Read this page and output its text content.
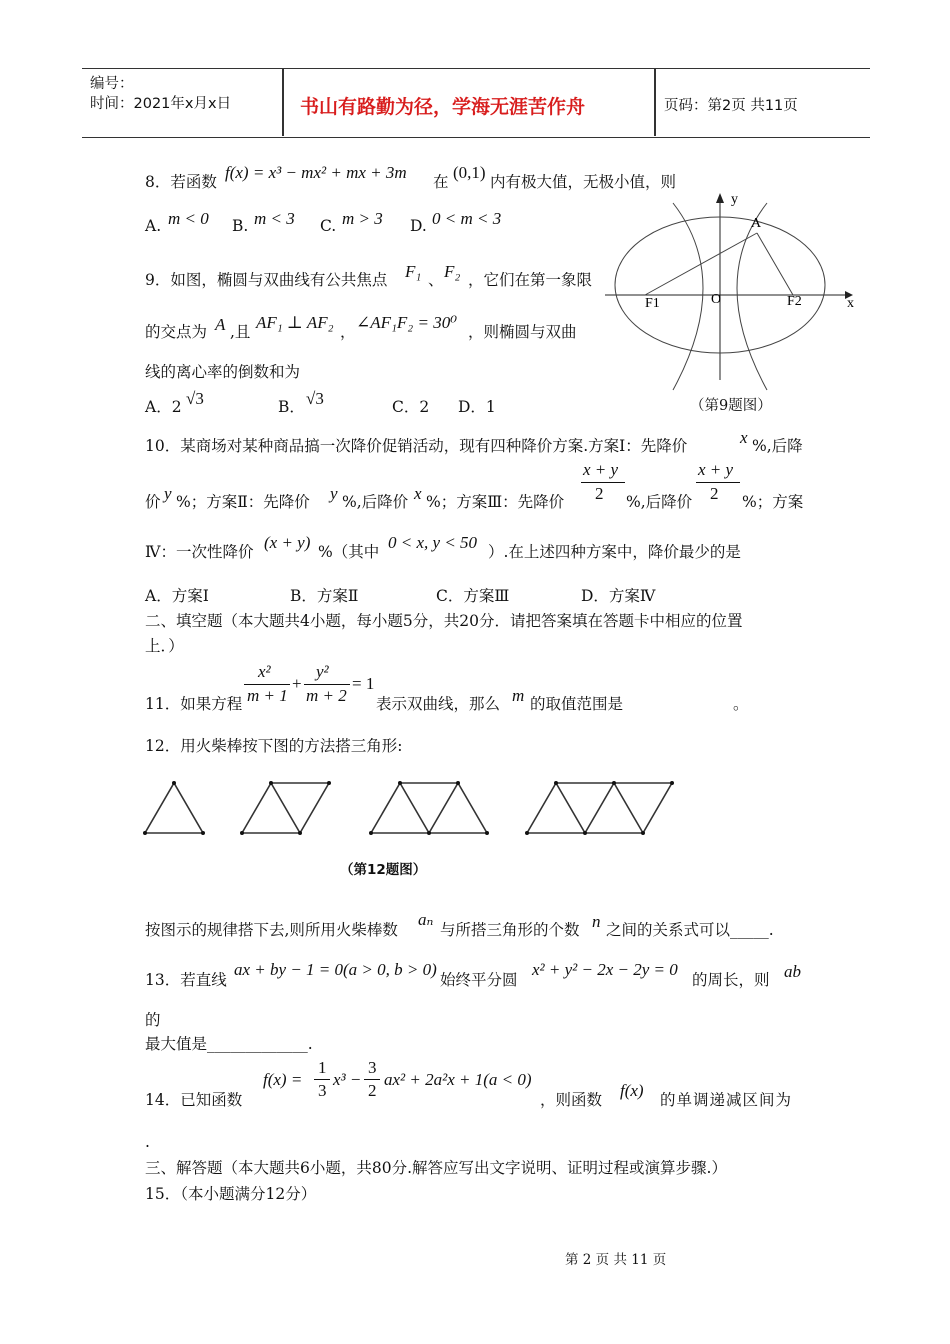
编号：
时间：2021年x月x日	书山有路勤为径，学海无涯苦作舟	页码：第2页 共11页
8．若函数 f(x) = x³ − mx² + mx + 3m 在 (0,1) 内有极大值，无极小值，则
A. m < 0 B. m < 3 C. m > 3 D. 0 < m < 3
9．如图，椭圆与双曲线有公共焦点 F₁ 、 F₂ ，它们在第一象限
的交点为 A ,且 AF₁ ⊥ AF₂ ， ∠AF₁F₂ = 30⁰ ，则椭圆与双曲
线的离心率的倒数和为
A．2 √3	B． √3	C．2 D．1
y
x
A
O
F1	F2
（第9题图）
10．某商场对某种商品搞一次降价促销活动，现有四种降价方案.方案Ⅰ：先降价	x %,后降
价 y %；方案Ⅱ：先降价 y %,后降价 x %；方案Ⅲ：先降价
x + y
2 %,后降价
x + y
2 %；方案
Ⅳ：一次性降价 (x + y) %（其中 0 < x, y < 50 ）.在上述四种方案中，降价最少的是
A．方案Ⅰ	B．方案Ⅱ	C．方案Ⅲ	D．方案Ⅳ
二、填空题（本大题共4小题，每小题5分，共20分．请把答案填在答题卡中相应的位置
上．）
11．如果方程
x²
m + 1
+
y²
m + 2
= 1
表示双曲线，那么 m 的取值范围是	。
12．用火柴棒按下图的方法搭三角形:
（第12题图）
按图示的规律搭下去,则所用火柴棒数
aₙ
与所搭三角形的个数 n 之间的关系式可以_____.
13．若直线
ax + by − 1 = 0(a > 0, b > 0)
始终平分圆
x² + y² − 2x − 2y = 0
的周长，则 ab
的
最大值是_____________.
14．已知函数
f(x) =
1
3
x³ −
3
2
ax² + 2a²x + 1(a < 0)
，则函数 f(x) 的单调递减区间为
.
三、解答题（本大题共6小题，共80分.解答应写出文字说明、证明过程或演算步骤.）
15．（本小题满分12分）
第 2 页 共 11 页
